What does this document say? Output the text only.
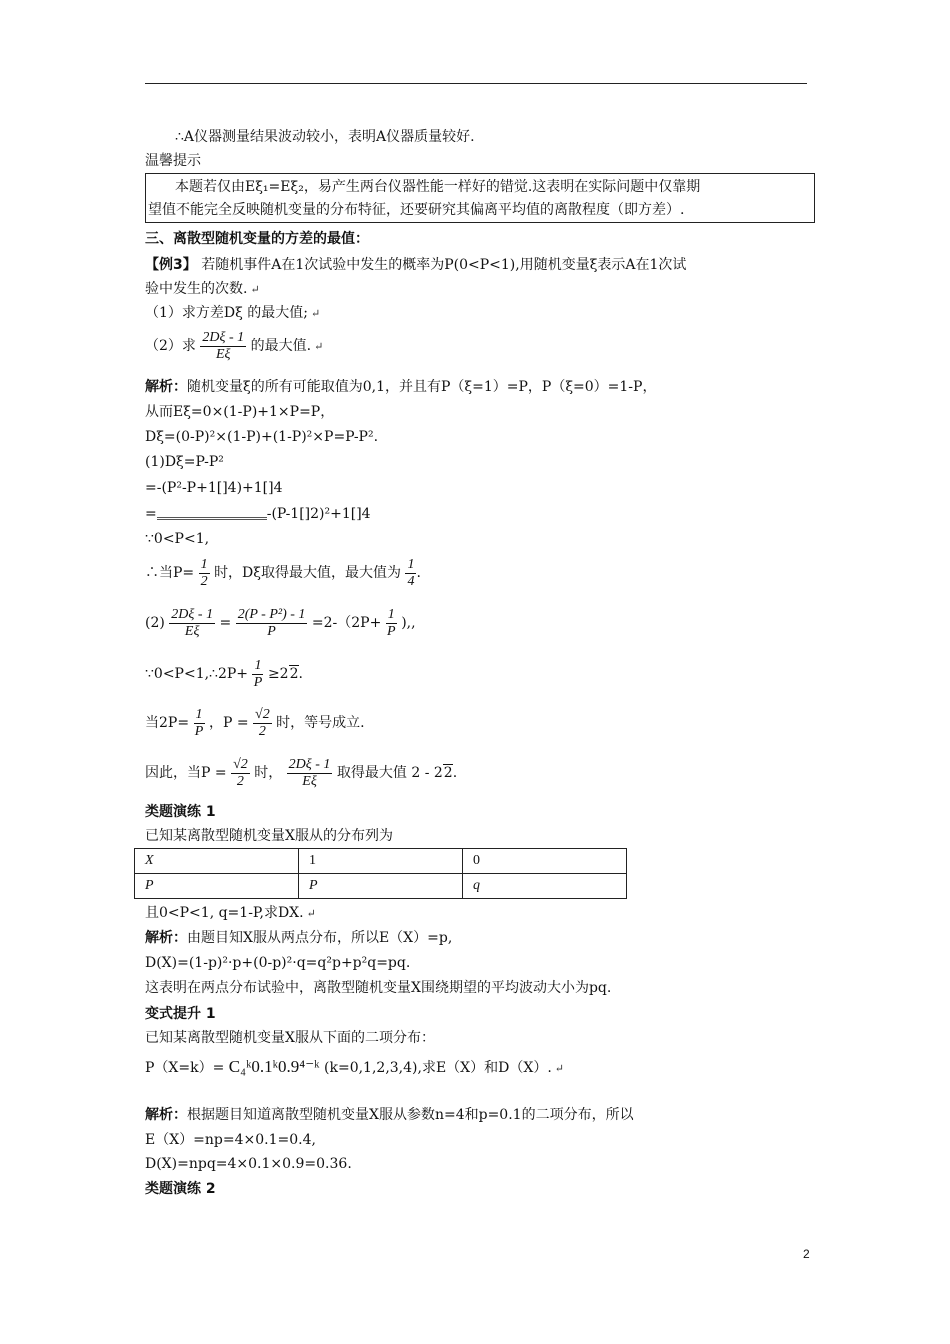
∴A仪器测量结果波动较小，表明A仪器质量较好.
温馨提示
本题若仅由Eξ₁=Eξ₂，易产生两台仪器性能一样好的错觉.这表明在实际问题中仅靠期
望值不能完全反映随机变量的分布特征，还要研究其偏离平均值的离散程度（即方差）.
三、离散型随机变量的方差的最值：
【例3】 若随机事件A在1次试验中发生的概率为P(0<P<1),用随机变量ξ表示A在1次试
验中发生的次数. ↵
（1）求方差Dξ 的最大值; ↵
（2）求 $\frac{2D\xi - 1}{E\xi}$ 的最大值. ↵
解析：随机变量ξ的所有可能取值为0,1，并且有P（ξ=1）=P，P（ξ=0）=1-P，
从而Eξ=0×(1-P)+1×P=P，
Dξ=(0-P)²×(1-P)+(1-P)²×P=P-P².
(1)Dξ=P-P²
=-(P²-P+1[]4)+1[]4
=	-(P-1[]2)²+1[]4
∵0<P<1,
∴当$P= \frac{1}{2}$ 时，Dξ取得最大值，最大值为 $\frac{1}{4}$ .
$(2) \frac{2D\xi - 1}{E\xi} = \frac{\text{2(P - P²) - 1}}{P} =2-(2P+ \frac{1}{P}$ ),,
∵0<P<1,∴2P+ $\frac{1}{P} \ge 22$.
当$2P= \frac{1}{P}$ ，$P = \frac{√2}{2}$ 时，等号成立.
因此，当$P = \frac{√2}{2}$ 时， $\frac{2D\xi - 1}{E\xi}$ 取得最大值 2 - 22.
类题演练 1
已知某离散型随机变量X服从的分布列为
X	1	0
P	P	q
且0<P<1, q=1-P,求DX. ↵
解析：由题目知X服从两点分布，所以E（X）=p,
D(X)=(1-p)²·p+(0-p)²·q=q²p+p²q=pq.
这表明在两点分布试验中，离散型随机变量X围绕期望的平均波动大小为pq.
变式提升 1
已知某离散型随机变量X服从下面的二项分布：
P（X=k）= C₄ᵏ0.1ᵏ0.9⁴⁻ᵏ (k=0,1,2,3,4),求E（X）和D（X）. ↵
解析：根据题目知道离散型随机变量X服从参数n=4和p=0.1的二项分布，所以
E（X）=np=4×0.1=0.4,
D(X)=npq=4×0.1×0.9=0.36.
类题演练 2
2
